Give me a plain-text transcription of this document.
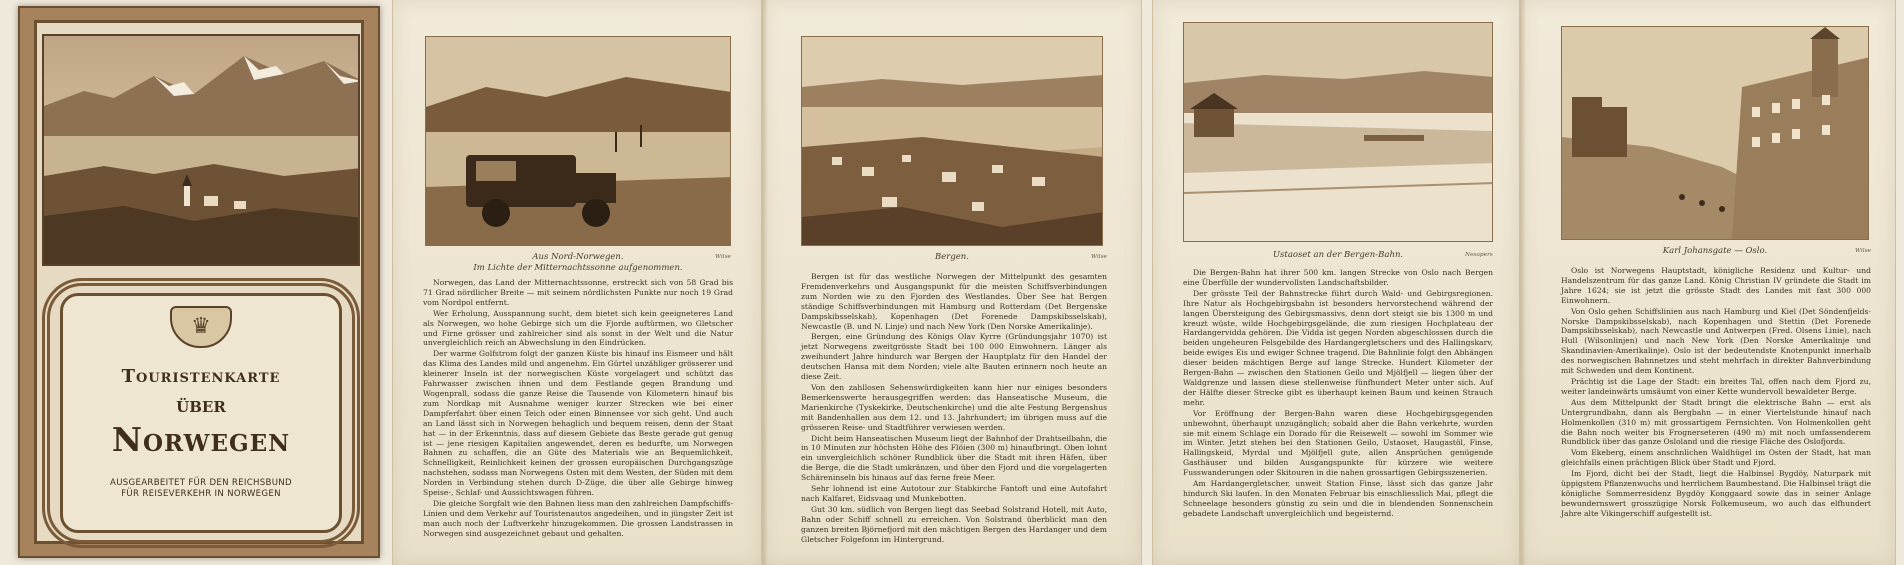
♛
Touristenkarte
über
Norwegen
AUSGEARBEITET FÜR DEN REICHSBUND
FÜR REISEVERKEHR IN NORWEGEN
Aus Nord-Norwegen.
Im Lichte der Mitternachtssonne aufgenommen.
Wilse

Norwegen, das Land der Mitternachtssonne, erstreckt sich von 58 Grad bis 71 Grad nördlicher Breite — mit seinem nördlichsten Punkte nur noch 19 Grad vom Nordpol entfernt.

Wer Erholung, Ausspannung sucht, dem bietet sich kein geeigneteres Land als Norwegen, wo hohe Gebirge sich um die Fjorde auftürmen, wo Gletscher und Firne grösser und zahlreicher sind als sonst in der Welt und die Natur unvergleichlich reich an Abwechslung in den Eindrücken.

Der warme Golfstrom folgt der ganzen Küste bis hinauf ins Eismeer und hält das Klima des Landes mild und angenehm. Ein Gürtel unzähliger grösserer und kleinerer Inseln ist der norwegischen Küste vorgelagert und schützt das Fahrwasser zwischen ihnen und dem Festlande gegen Brandung und Wogenprall, sodass die ganze Reise die Tausende von Kilometern hinauf bis zum Nordkap mit Ausnahme weniger kurzer Strecken wie bei einer Dampferfahrt über einen Teich oder einen Binnensee vor sich geht. Und auch an Land lässt sich in Norwegen behaglich und bequem reisen, denn der Staat hat — in der Erkenntnis, dass auf diesem Gebiete das Beste gerade gut genug ist — jene riesigen Kapitalien angewendet, deren es bedurfte, um Norwegen Bahnen zu schaffen, die an Güte des Materials wie an Bequemlichkeit, Schnelligkeit, Reinlichkeit keinen der grossen europäischen Durchgangszüge nachstehen, sodass man Norwegens Osten mit dem Westen, der Süden mit dem Norden in Verbindung stehen durch D-Züge, die über alle Gebirge hinweg Speise-, Schlaf- und Aussichtswagen führen.

Die gleiche Sorgfalt wie den Bahnen liess man den zahlreichen Dampfschiffs-Linien und dem Verkehr auf Touristenautos angedeihen, und in jüngster Zeit ist man auch noch der Luftverkehr hinzugekommen. Die grossen Landstrassen in Norwegen sind ausgezeichnet gebaut und gehalten.

Bergen.	Wilse

Bergen ist für das westliche Norwegen der Mittelpunkt des gesamten Fremdenverkehrs und Ausgangspunkt für die meisten Schiffsverbindungen zum Norden wie zu den Fjorden des Westlandes. Über See hat Bergen ständige Schiffsverbindungen mit Hamburg und Rotterdam (Det Bergenske Dampskibsselskab), Kopenhagen (Det Forenede Dampskibsselskab), Newcastle (B. und N. Linje) und nach New York (Den Norske Amerikalinje).

Bergen, eine Gründung des Königs Olav Kyrre (Gründungsjahr 1070) ist jetzt Norwegens zweitgrösste Stadt bei 100 000 Einwohnern. Länger als zweihundert Jahre hindurch war Bergen der Hauptplatz für den Handel der deutschen Hansa mit dem Norden; viele alte Bauten erinnern noch heute an diese Zeit.

Von den zahllosen Sehenswürdigkeiten kann hier nur einiges besonders Bemerkenswerte herausgegriffen werden: das Hanseatische Museum, die Marienkirche (Tyskekirke, Deutschenkirche) und die alte Festung Bergenshus mit Bandenhallen aus dem 12. und 13. Jahrhundert; im übrigen muss auf die grösseren Reise- und Stadtführer verwiesen werden.

Dicht beim Hanseatischen Museum liegt der Bahnhof der Drahtseilbahn, die in 10 Minuten zur höchsten Höhe des Flöien (300 m) hinaufbringt. Oben lohnt ein unvergleichlich schöner Rundblick über die Stadt mit ihren Häfen, über die Berge, die die Stadt umkränzen, und über den Fjord und die vorgelagerten Schäreninseln bis hinaus auf das ferne freie Meer.

Sehr lohnend ist eine Autotour zur Stabkirche Fantoft und eine Autofahrt nach Kalfaret, Eidsvaag und Munkebotten.

Gut 30 km. südlich von Bergen liegt das Seebad Solstrand Hotell, mit Auto, Bahn oder Schiff schnell zu erreichen. Von Solstrand überblickt man den ganzen breiten Björnefjord mit den mächtigen Bergen des Hardanger und dem Gletscher Folgefonn im Hintergrund.

Ustaoset an der Bergen-Bahn.	Nesapers

Die Bergen-Bahn hat ihrer 500 km. langen Strecke von Oslo nach Bergen eine Überfülle der wundervollsten Landschaftsbilder.

Der grösste Teil der Bahnstrecke führt durch Wald- und Gebirgsregionen. Ihre Natur als Hochgebirgsbahn ist besonders hervorstechend während der langen Übersteigung des Gebirgsmassivs, denn dort steigt sie bis 1300 m und kreuzt wüste, wilde Hochgebirgsgelände, die zum riesigen Hochplateau der Hardangervidda gehören. Die Vidda ist gegen Norden abgeschlossen durch die beiden ungeheuren Felsgebilde des Hardangergletschers und des Hallingskarv, beide ewiges Eis und ewiger Schnee tragend. Die Bahnlinie folgt den Abhängen dieser beiden mächtigen Berge auf lange Strecke. Hundert Kilometer der Bergen-Bahn — zwischen den Stationen Geilo und Mjölfjell — liegen über der Waldgrenze und lassen diese stellenweise fünfhundert Meter unter sich. Auf der Hälfte dieser Strecke gibt es überhaupt keinen Baum und keinen Strauch mehr.

Vor Eröffnung der Bergen-Bahn waren diese Hochgebirgsgegenden unbewohnt, überhaupt unzugänglich; sobald aber die Bahn verkehrte, wurden sie mit einem Schlage ein Dorado für die Reisewelt — sowohl im Sommer wie im Winter. Jetzt stehen bei den Stationen Geilo, Ustaoset, Haugastöl, Finse, Hallingskeid, Myrdal und Mjölfjell gute, allen Ansprüchen genügende Gasthäuser und bilden Ausgangspunkte für kürzere wie weitere Fusswanderungen oder Skitouren in die nahen grossartigen Gebirgsszenerien.

Am Hardangergletscher, unweit Station Finse, lässt sich das ganze Jahr hindurch Ski laufen. In den Monaten Februar bis einschliesslich Mai, pflegt die Schneelage besonders günstig zu sein und die in blendenden Sonnenschein gebadete Landschaft unvergleichlich und begeisternd.

Karl Johansgate — Oslo.	Wilse

Oslo ist Norwegens Hauptstadt, königliche Residenz und Kultur- und Handelszentrum für das ganze Land. König Christian IV gründete die Stadt im Jahre 1624; sie ist jetzt die grösste Stadt des Landes mit fast 300 000 Einwohnern.

Von Oslo gehen Schiffslinien aus nach Hamburg und Kiel (Det Söndenfjelds-Norske Dampskibsselskab), nach Kopenhagen und Stettin (Det Forenede Dampskibsselskab), nach Newcastle und Antwerpen (Fred. Olsens Linie), nach Hull (Wilsonlinjen) und nach New York (Den Norske Amerikalinje und Skandinavien-Amerikalinje). Oslo ist der bedeutendste Knotenpunkt innerhalb des norwegischen Bahnnetzes und steht mehrfach in direkter Bahnverbindung mit Schweden und dem Kontinent.

Prächtig ist die Lage der Stadt: ein breites Tal, offen nach dem Fjord zu, weiter landeinwärts umsäumt von einer Kette wundervoll bewaldeter Berge.

Aus dem Mittelpunkt der Stadt bringt die elektrische Bahn — erst als Untergrundbahn, dann als Bergbahn — in einer Viertelstunde hinauf nach Holmenkollen (310 m) mit grossartigem Fernsichten. Von Holmenkollen geht die Bahn noch weiter bis Frognerseteren (490 m) mit noch umfassenderem Rundblick über das ganze Osloland und die riesige Fläche des Oslofjords.

Vom Ekeberg, einem anschnlichen Waldhügel im Osten der Stadt, hat man gleichfalls einen prächtigen Blick über Stadt und Fjord.

Im Fjord, dicht bei der Stadt, liegt die Halbinsel Bygdöy, Naturpark mit üppigstem Pflanzenwuchs und herrlichem Baumbestand. Die Halbinsel trägt die königliche Sommerresidenz Bygdöy Konggaard sowie das in seiner Anlage bewundernswert grosszügige Norsk Folkemuseum, wo auch das elfhundert Jahre alte Vikingerschiff aufgestellt ist.
